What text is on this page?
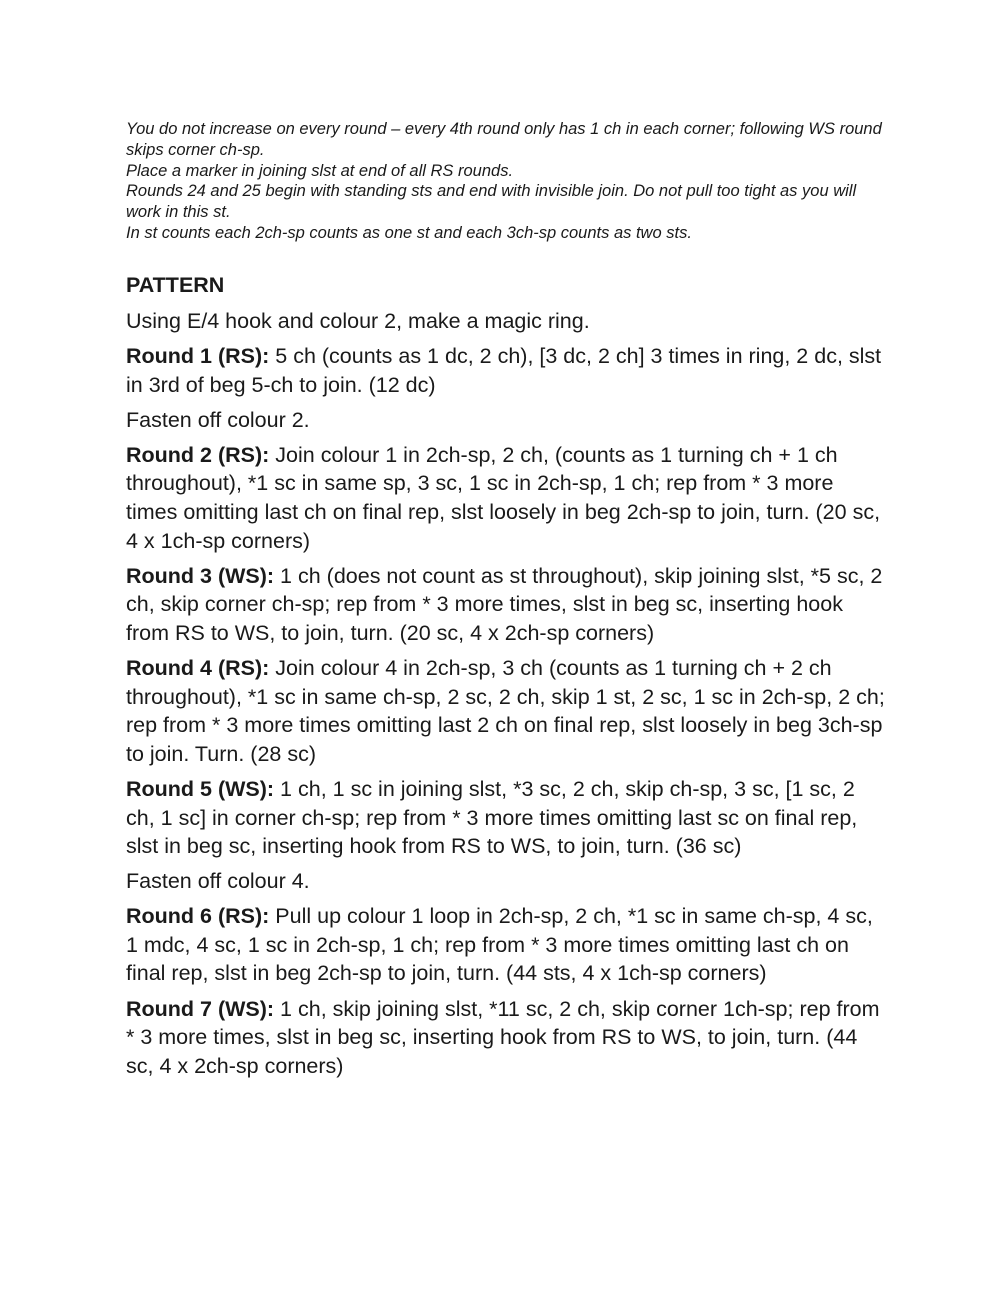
You do not increase on every round – every 4th round only has 1 ch in each corner; following WS round skips corner ch-sp.

Place a marker in joining slst at end of all RS rounds.

Rounds 24 and 25 begin with standing sts and end with invisible join. Do not pull too tight as you will work in this st.

In st counts each 2ch-sp counts as one st and each 3ch-sp counts as two sts.

PATTERN

Using E/4 hook and colour 2, make a magic ring.

Round 1 (RS): 5 ch (counts as 1 dc, 2 ch), [3 dc, 2 ch] 3 times in ring, 2 dc, slst in 3rd of beg 5-ch to join. (12 dc)

Fasten off colour 2.

Round 2 (RS): Join colour 1 in 2ch-sp, 2 ch, (counts as 1 turning ch + 1 ch throughout), *1 sc in same sp, 3 sc, 1 sc in 2ch-sp, 1 ch; rep from * 3 more times omitting last ch on final rep, slst loosely in beg 2ch-sp to join, turn. (20 sc, 4 x 1ch-sp corners)

Round 3 (WS): 1 ch (does not count as st throughout), skip joining slst, *5 sc, 2 ch, skip corner ch-sp; rep from * 3 more times, slst in beg sc, inserting hook from RS to WS, to join, turn. (20 sc, 4 x 2ch-sp corners)

Round 4 (RS): Join colour 4 in 2ch-sp, 3 ch (counts as 1 turning ch + 2 ch throughout), *1 sc in same ch-sp, 2 sc, 2 ch, skip 1 st, 2 sc, 1 sc in 2ch-sp, 2 ch; rep from * 3 more times omitting last 2 ch on final rep, slst loosely in beg 3ch-sp to join. Turn. (28 sc)

Round 5 (WS): 1 ch, 1 sc in joining slst, *3 sc, 2 ch, skip ch-sp, 3 sc, [1 sc, 2 ch, 1 sc] in corner ch-sp; rep from * 3 more times omitting last sc on final rep, slst in beg sc, inserting hook from RS to WS, to join, turn. (36 sc)

Fasten off colour 4.

Round 6 (RS): Pull up colour 1 loop in 2ch-sp, 2 ch, *1 sc in same ch-sp, 4 sc, 1 mdc, 4 sc, 1 sc in 2ch-sp, 1 ch; rep from * 3 more times omitting last ch on final rep, slst in beg 2ch-sp to join, turn. (44 sts, 4 x 1ch-sp corners)

Round 7 (WS): 1 ch, skip joining slst, *11 sc, 2 ch, skip corner 1ch-sp; rep from * 3 more times, slst in beg sc, inserting hook from RS to WS, to join, turn. (44 sc, 4 x 2ch-sp corners)
